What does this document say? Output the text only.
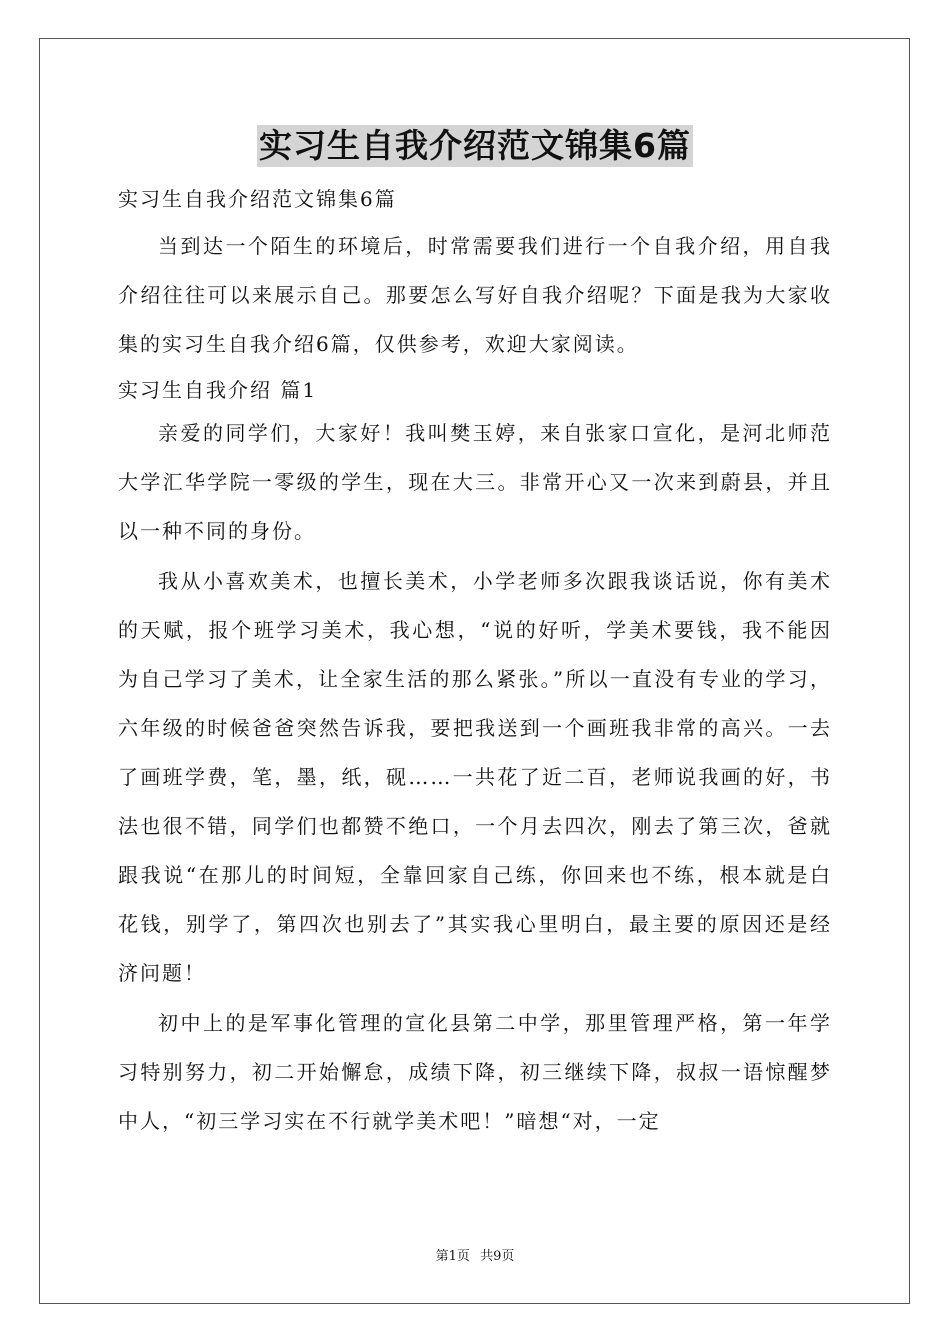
实习生自我介绍范文锦集6篇

实习生自我介绍范文锦集6篇

当到达一个陌生的环境后，时常需要我们进行一个自我介绍，用自我介绍往往可以来展示自己。那要怎么写好自我介绍呢？下面是我为大家收集的实习生自我介绍6篇，仅供参考，欢迎大家阅读。

实习生自我介绍 篇1

亲爱的同学们，大家好！我叫樊玉婷，来自张家口宣化，是河北师范大学汇华学院一零级的学生，现在大三。非常开心又一次来到蔚县，并且以一种不同的身份。

我从小喜欢美术，也擅长美术，小学老师多次跟我谈话说，你有美术的天赋，报个班学习美术，我心想，“说的好听，学美术要钱，我不能因为自己学习了美术，让全家生活的那么紧张。”所以一直没有专业的学习，六年级的时候爸爸突然告诉我，要把我送到一个画班我非常的高兴。一去了画班学费，笔，墨，纸，砚……一共花了近二百，老师说我画的好，书法也很不错，同学们也都赞不绝口，一个月去四次，刚去了第三次，爸就跟我说“在那儿的时间短，全靠回家自己练，你回来也不练，根本就是白花钱，别学了，第四次也别去了”其实我心里明白，最主要的原因还是经济问题！

初中上的是军事化管理的宣化县第二中学，那里管理严格，第一年学习特别努力，初二开始懈怠，成绩下降，初三继续下降，叔叔一语惊醒梦中人，“初三学习实在不行就学美术吧！”暗想“对，一定

第1页 共9页
